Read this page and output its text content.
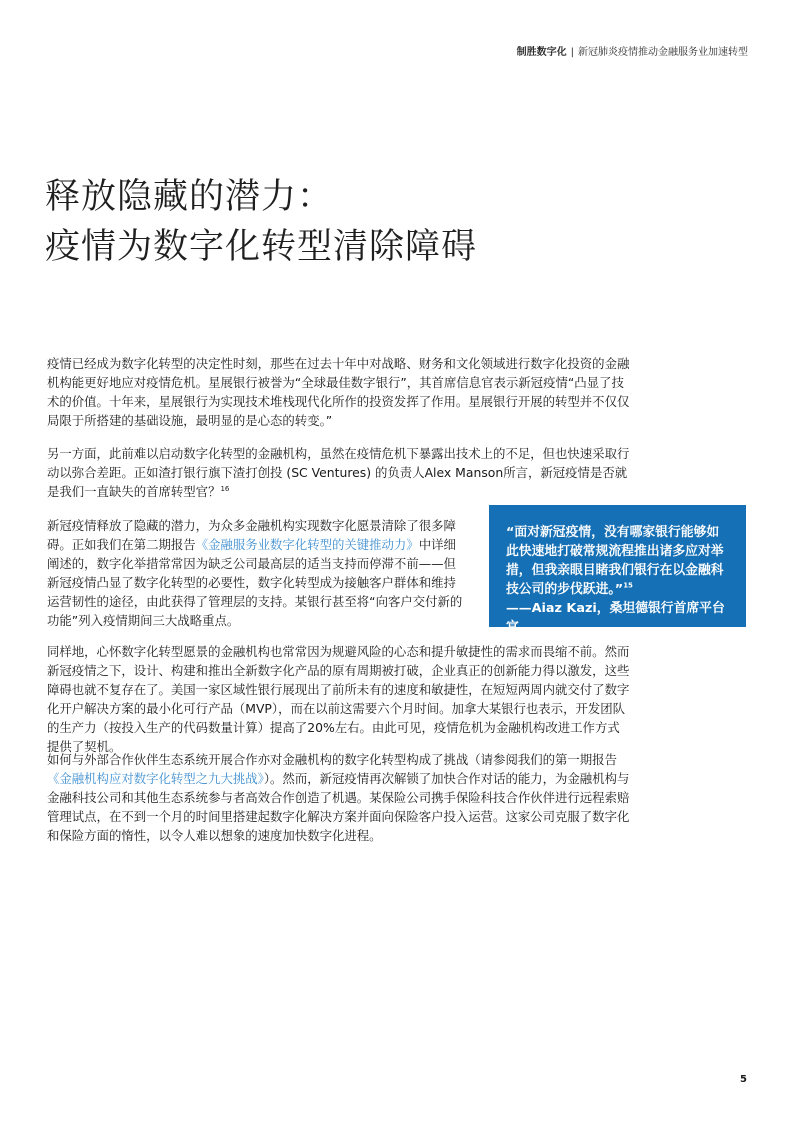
制胜数字化 | 新冠肺炎疫情推动金融服务业加速转型
释放隐藏的潜力：
疫情为数字化转型清除障碍

疫情已经成为数字化转型的决定性时刻，那些在过去十年中对战略、财务和文化领域进行数字化投资的金融机构能更好地应对疫情危机。星展银行被誉为“全球最佳数字银行”，其首席信息官表示新冠疫情“凸显了技术的价值。十年来，星展银行为实现技术堆栈现代化所作的投资发挥了作用。星展银行开展的转型并不仅仅局限于所搭建的基础设施，最明显的是心态的转变。”

另一方面，此前难以启动数字化转型的金融机构，虽然在疫情危机下暴露出技术上的不足，但也快速采取行动以弥合差距。正如渣打银行旗下渣打创投 (SC Ventures) 的负责人Alex Manson所言，新冠疫情是否就是我们一直缺失的首席转型官？$^{16}$

新冠疫情释放了隐藏的潜力，为众多金融机构实现数字化愿景清除了很多障碍。正如我们在第二期报告《金融服务业数字化转型的关键推动力》中详细阐述的，数字化举措常常因为缺乏公司最高层的适当支持而停滞不前——但新冠疫情凸显了数字化转型的必要性，数字化转型成为接触客户群体和维持运营韧性的途径，由此获得了管理层的支持。某银行甚至将“向客户交付新的功能”列入疫情期间三大战略重点。

“面对新冠疫情，没有哪家银行能够如此快速地打破常规流程推出诸多应对举措，但我亲眼目睹我们银行在以金融科技公司的步伐跃进。”$^{15}$
——Aiaz Kazi，桑坦德银行首席平台官

同样地，心怀数字化转型愿景的金融机构也常常因为规避风险的心态和提升敏捷性的需求而畏缩不前。然而新冠疫情之下，设计、构建和推出全新数字化产品的原有周期被打破，企业真正的创新能力得以激发，这些障碍也就不复存在了。美国一家区域性银行展现出了前所未有的速度和敏捷性，在短短两周内就交付了数字化开户解决方案的最小化可行产品（MVP），而在以前这需要六个月时间。加拿大某银行也表示，开发团队的生产力（按投入生产的代码数量计算）提高了20%左右。由此可见，疫情危机为金融机构改进工作方式提供了契机。

如何与外部合作伙伴生态系统开展合作亦对金融机构的数字化转型构成了挑战（请参阅我们的第一期报告《金融机构应对数字化转型之九大挑战》）。然而，新冠疫情再次解锁了加快合作对话的能力，为金融机构与金融科技公司和其他生态系统参与者高效合作创造了机遇。某保险公司携手保险科技合作伙伴进行远程索赔管理试点，在不到一个月的时间里搭建起数字化解决方案并面向保险客户投入运营。这家公司克服了数字化和保险方面的惰性，以令人难以想象的速度加快数字化进程。

5
